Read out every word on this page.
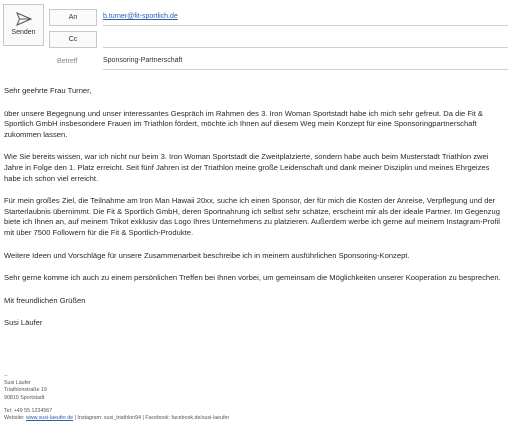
Senden
An	b.turner@fit-sportlich.de
Cc
Betreff	Sponsoring-Partnerschaft

Sehr geehrte Frau Turner,

über unsere Begegnung und unser interessantes Gespräch im Rahmen des 3. Iron Woman Sportstadt habe ich mich sehr gefreut. Da die Fit & Sportlich GmbH insbesondere Frauen im Triathlon fördert, möchte ich Ihnen auf diesem Weg mein Konzept für eine Sponsoringpartnerschaft zukommen lassen.

Wie Sie bereits wissen, war ich nicht nur beim 3. Iron Woman Sportstadt die Zweitplatzierte, sondern habe auch beim Musterstadt Triathlon zwei Jahre in Folge den 1. Platz erreicht. Seit fünf Jahren ist der Triathlon meine große Leidenschaft und dank meiner Disziplin und meines Ehrgeizes habe ich schon viel erreicht.

Für mein großes Ziel, die Teilnahme am Iron Man Hawaii 20xx, suche ich einen Sponsor, der für mich die Kosten der Anreise, Verpflegung und der Starterlaubnis übernimmt. Die Fit & Sportlich GmbH, deren Sportnahrung ich selbst sehr schätze, erscheint mir als der ideale Partner. Im Gegenzug biete ich Ihnen an, auf meinem Trikot exklusiv das Logo Ihres Unternehmens zu platzieren. Außerdem werbe ich gerne auf meinem Instagram-Profil mit über 7500 Followern für die Fit & Sportlich-Produkte.

Weitere Ideen und Vorschläge für unsere Zusammenarbeit beschreibe ich in meinem ausführlichen Sponsoring-Konzept.

Sehr gerne komme ich auch zu einem persönlichen Treffen bei Ihnen vorbei, um gemeinsam die Möglichkeiten unserer Kooperation zu besprechen.

Mit freundlichen Grüßen

Susi Läufer

--
Susi Läufer
Triathlonstraße 19
90810 Sportstadt
Tel: +49 55 1234567
Website: www.susi-laeufer.de | Instagram: susi_triathlon94 | Facebook: facebook.de/susi-laeufer
